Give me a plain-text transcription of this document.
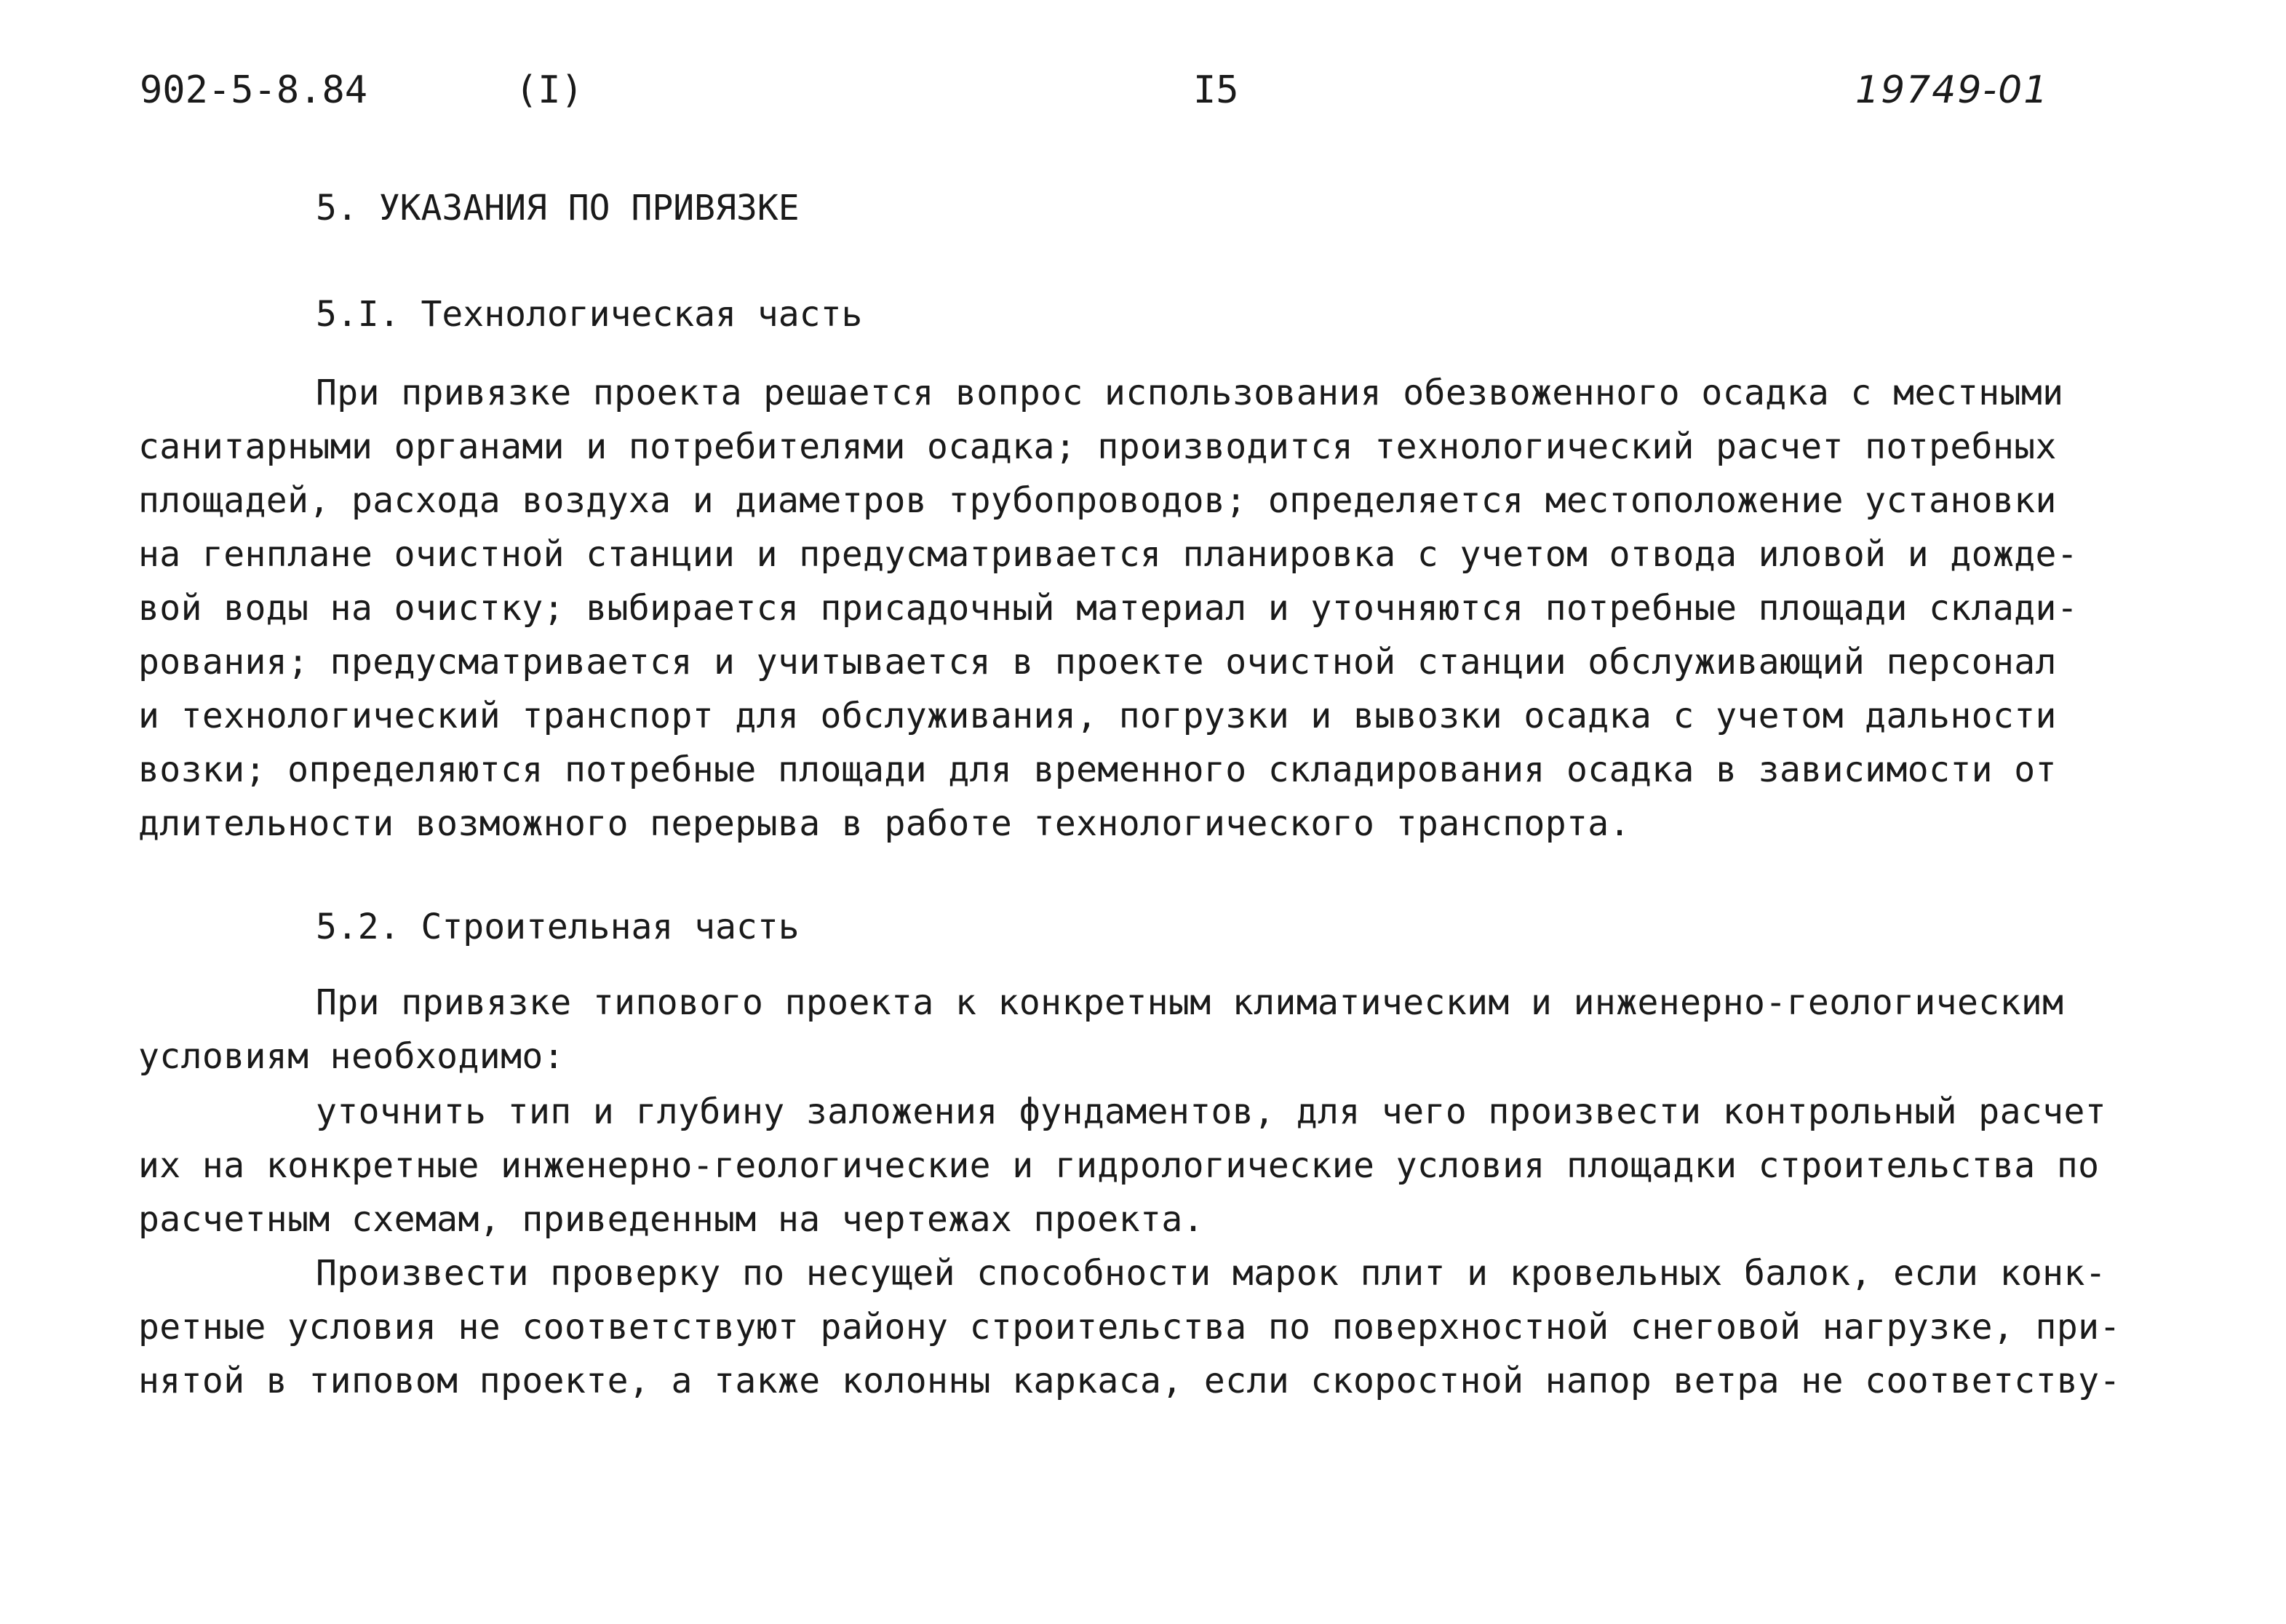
902-5-8.84	(I)	I5	19749-01
5. УКАЗАНИЯ ПО ПРИВЯЗКЕ
5.I. Технологическая часть
При привязке проекта решается вопрос использования обезвоженного осадка с местными
санитарными органами и потребителями осадка; производится технологический расчет потребных
площадей, расхода воздуха и диаметров трубопроводов; определяется местоположение установки
на генплане очистной станции и предусматривается планировка с учетом отвода иловой и дожде-
вой воды на очистку; выбирается присадочный материал и уточняются потребные площади склади-
рования; предусматривается и учитывается в проекте очистной станции обслуживающий персонал
и технологический транспорт для обслуживания, погрузки и вывозки осадка с учетом дальности
возки; определяются потребные площади для временного складирования осадка в зависимости от
длительности возможного перерыва в работе технологического транспорта.
5.2. Строительная часть
При привязке типового проекта к конкретным климатическим и инженерно-геологическим
условиям необходимо:
уточнить тип и глубину заложения фундаментов, для чего произвести контрольный расчет
их на конкретные инженерно-геологические и гидрологические условия площадки строительства по
расчетным схемам, приведенным на чертежах проекта.
Произвести проверку по несущей способности марок плит и кровельных балок, если конк-
ретные условия не соответствуют району строительства по поверхностной снеговой нагрузке, при-
нятой в типовом проекте, а также колонны каркаса, если скоростной напор ветра не соответству-
